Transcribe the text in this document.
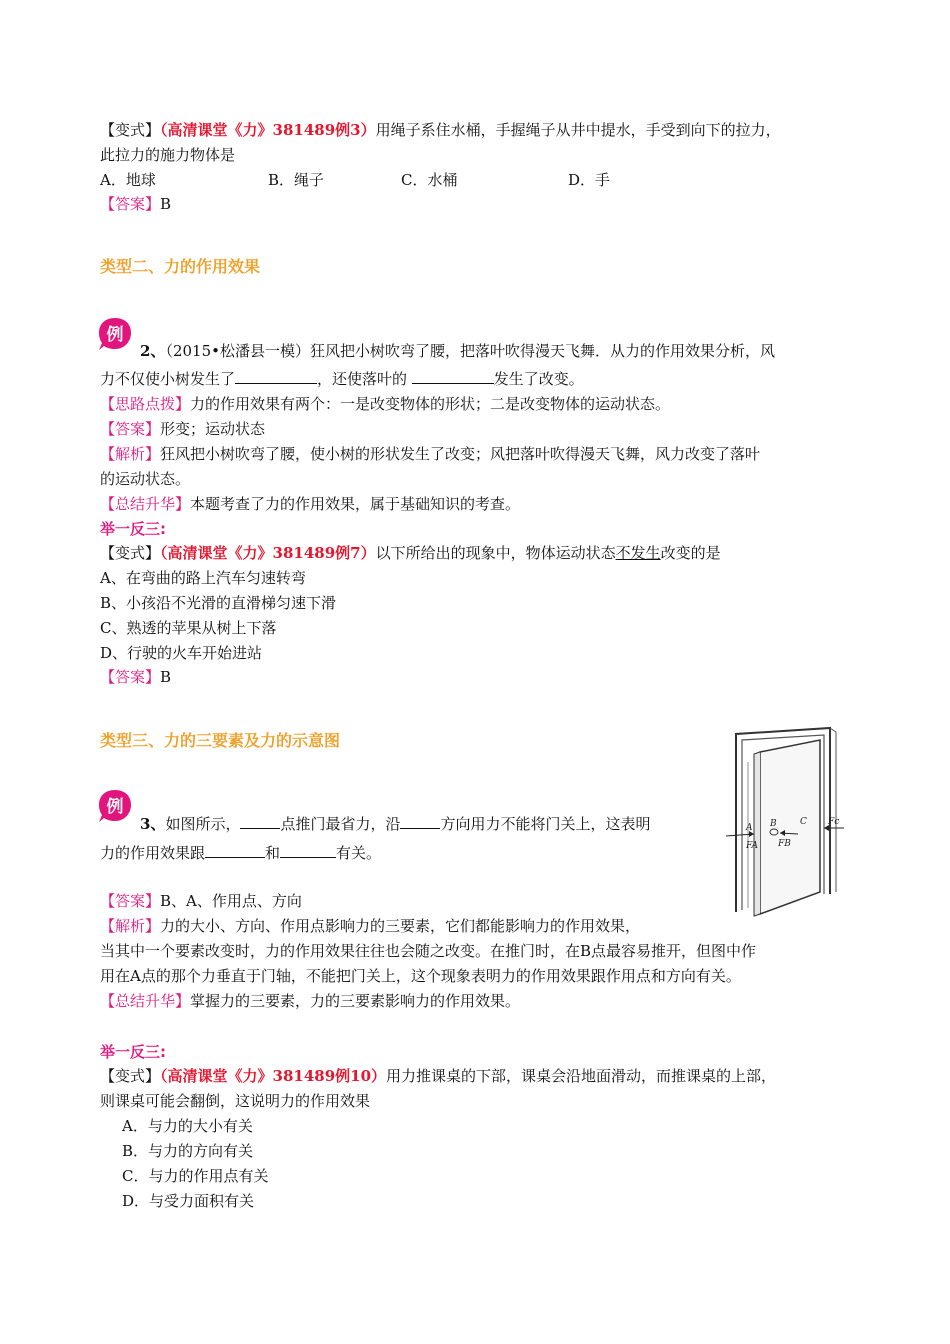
【变式】（高清课堂《力》381489例3）用绳子系住水桶，手握绳子从井中提水，手受到向下的拉力，
此拉力的施力物体是
A．地球	B．绳子	C．水桶	D．手
【答案】B
类型二、力的作用效果
例
2、（2015•松潘县一模）狂风把小树吹弯了腰，把落叶吹得漫天飞舞．从力的作用效果分析，风
力不仅使小树发生了	，还使落叶的	发生了改变。
【思路点拨】力的作用效果有两个：一是改变物体的形状；二是改变物体的运动状态。
【答案】形变；运动状态
【解析】狂风把小树吹弯了腰，使小树的形状发生了改变；风把落叶吹得漫天飞舞，风力改变了落叶
的运动状态。
【总结升华】本题考查了力的作用效果，属于基础知识的考查。
举一反三:
【变式】（高清课堂《力》381489例7）以下所给出的现象中，物体运动状态不发生改变的是
A、在弯曲的路上汽车匀速转弯
B、小孩沿不光滑的直滑梯匀速下滑
C、熟透的苹果从树上下落
D、行驶的火车开始进站
【答案】B
类型三、力的三要素及力的示意图
A B	C Fc
FA FB
例
3、如图所示，	点推门最省力，沿	方向用力不能将门关上，这表明
力的作用效果跟	和	有关。
【答案】B、A、作用点、方向
【解析】力的大小、方向、作用点影响力的三要素，它们都能影响力的作用效果，
当其中一个要素改变时，力的作用效果往往也会随之改变。在推门时，在B点最容易推开，但图中作
用在A点的那个力垂直于门轴，不能把门关上，这个现象表明力的作用效果跟作用点和方向有关。
【总结升华】掌握力的三要素，力的三要素影响力的作用效果。
举一反三:
【变式】（高清课堂《力》381489例10）用力推课桌的下部，课桌会沿地面滑动，而推课桌的上部，
则课桌可能会翻倒，这说明力的作用效果
A．与力的大小有关
B．与力的方向有关
C．与力的作用点有关
D．与受力面积有关
